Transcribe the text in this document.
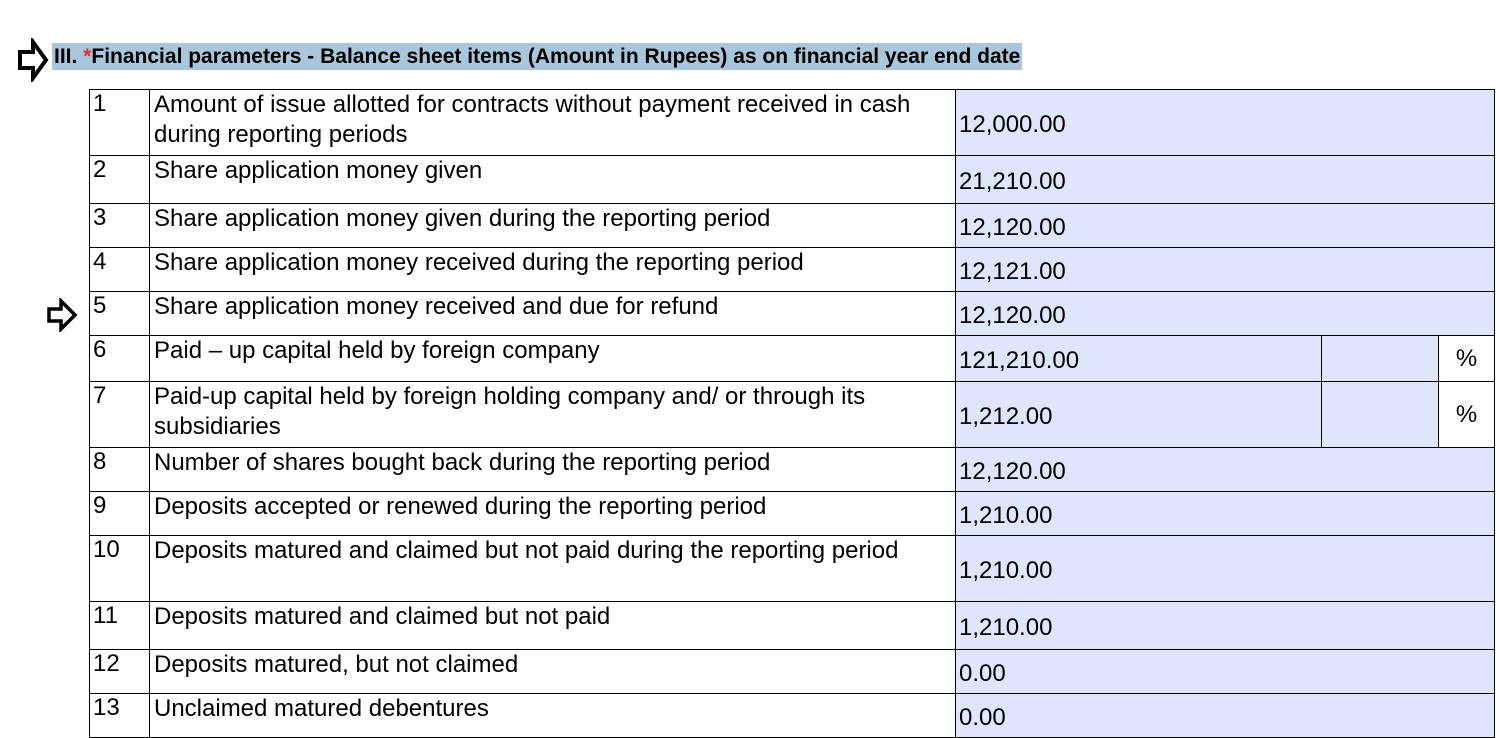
III. *Financial parameters - Balance sheet items (Amount in Rupees) as on financial year end date
1	Amount of issue allotted for contracts without payment received in cash during reporting periods	12,000.00		
2	Share application money given	21,210.00		
3	Share application money given during the reporting period	12,120.00		
4	Share application money received during the reporting period	12,121.00		
5	Share application money received and due for refund	12,120.00		
6	Paid – up capital held by foreign company	121,210.00		%
7	Paid-up capital held by foreign holding company and/ or through its subsidiaries	1,212.00		%
8	Number of shares bought back during the reporting period	12,120.00		
9	Deposits accepted or renewed during the reporting period	1,210.00		
10	Deposits matured and claimed but not paid during the reporting period	1,210.00		
11	Deposits matured and claimed but not paid	1,210.00		
12	Deposits matured, but not claimed	0.00		
13	Unclaimed matured debentures	0.00		
